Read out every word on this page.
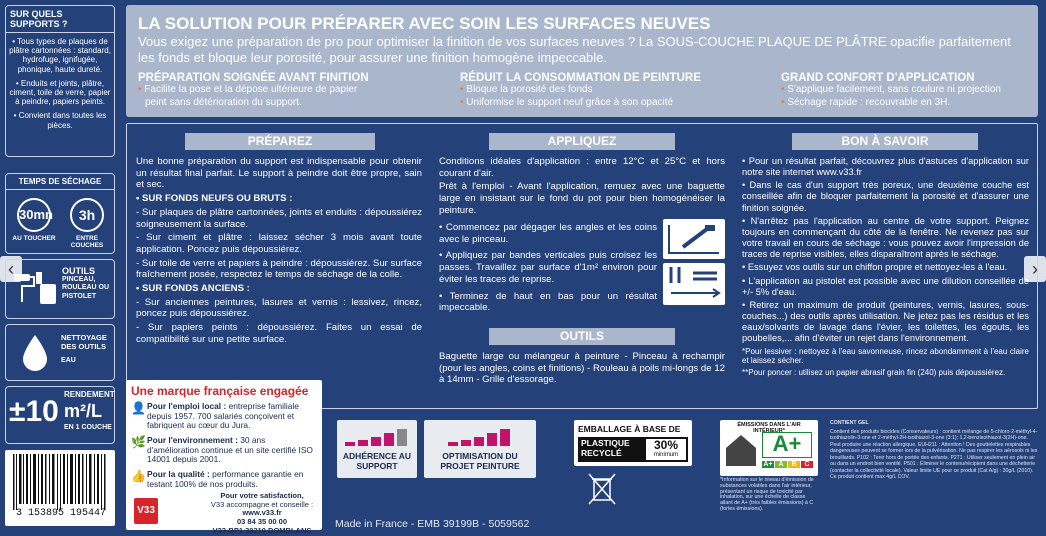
‹	›
SUR QUELS SUPPORTS ?

• Tous types de plaques de plâtre cartonnées : standard, hydrofuge, ignifugée, phonique, haute dureté.

• Enduits et joints, plâtre, ciment, toile de verre, papier à peindre, papiers peints.

• Convient dans toutes les pièces.

TEMPS DE SÉCHAGE
30mn
AU TOUCHER
3h
ENTRE COUCHES
OUTILS
PINCEAU, ROULEAU OU PISTOLET
NETTOYAGE DES OUTILS
EAU
±10
RENDEMENT
m²/L
EN 1 COUCHE
3 153895 195447
LA SOLUTION POUR PRÉPARER AVEC SOIN LES SURFACES NEUVES
Vous exigez une préparation de pro pour optimiser la finition de vos surfaces neuves ? La SOUS-COUCHE PLAQUE DE PLÂTRE opacifie parfaitement les fonds et bloque leur porosité, pour assurer une finition homogène impeccable.
PRÉPARATION SOIGNÉE AVANT FINITION
• Facilite la pose et la dépose ultérieure de papier
peint sans détérioration du support.
RÉDUIT LA CONSOMMATION DE PEINTURE
• Bloque la porosité des fonds
• Uniformise le support neuf grâce à son opacité
GRAND CONFORT D'APPLICATION
• S'applique facilement, sans coulure ni projection
• Séchage rapide : recouvrable en 3H.
PRÉPAREZ

Une bonne préparation du support est indispensable pour obtenir un résultat final parfait. Le support à peindre doit être propre, sain et sec.

• SUR FONDS NEUFS OU BRUTS :

- Sur plaques de plâtre cartonnées, joints et enduits : dépoussiérez soigneusement la surface.

- Sur ciment et plâtre : laissez sécher 3 mois avant toute application. Poncez puis dépoussiérez.

- Sur toile de verre et papiers à peindre : dépoussiérez. Sur surface fraîchement posée, respectez le temps de séchage de la colle.

• SUR FONDS ANCIENS :

- Sur anciennes peintures, lasures et vernis : lessivez, rincez, poncez puis dépoussiérez.

- Sur papiers peints : dépoussiérez. Faites un essai de compatibilité sur une petite surface.

APPLIQUEZ

Conditions idéales d'application : entre 12°C et 25°C et hors courant d'air.

Prêt à l'emploi - Avant l'application, remuez avec une baguette large en insistant sur le fond du pot pour bien homogénéiser la peinture.

• Commencez par dégager les angles et les coins avec le pinceau.

• Appliquez par bandes verticales puis croisez les passes. Travaillez par surface d'1m² environ pour éviter les traces de reprise.

• Terminez de haut en bas pour un résultat impeccable.

OUTILS
Baguette large ou mélangeur à peinture - Pinceau à rechampir (pour les angles, coins et finitions) - Rouleau à poils mi-longs de 12 à 14mm - Grille d'essorage.
BON À SAVOIR

• Pour un résultat parfait, découvrez plus d'astuces d'application sur notre site internet www.v33.fr

• Dans le cas d'un support très poreux, une deuxième couche est conseillée afin de bloquer parfaitement la porosité et d'assurer une finition soignée.

• N'arrêtez pas l'application au centre de votre support. Peignez toujours en commençant du côté de la fenêtre. Ne revenez pas sur votre travail en cours de séchage : vous pouvez avoir l'impression de traces de reprise visibles, elles disparaîtront après le séchage.

• Essuyez vos outils sur un chiffon propre et nettoyez-les à l'eau.

• L'application au pistolet est possible avec une dilution conseillée de +/- 5% d'eau.

• Retirez un maximum de produit (peintures, vernis, lasures, sous-couches...) des outils après utilisation. Ne jetez pas les résidus et les eaux/solvants de lavage dans l'évier, les toilettes, les égouts, les poubelles,... afin d'éviter un rejet dans l'environnement.

*Pour lessiver : nettoyez à l'eau savonneuse, rincez abondamment à l'eau claire et laissez sécher.

**Pour poncer : utilisez un papier abrasif grain fin (240) puis dépoussiérez.

Une marque française engagée
👤 Pour l'emploi local : entreprise familiale depuis 1957. 700 salariés conçoivent et fabriquent au cœur du Jura.
🌿 Pour l'environnement : 30 ans d'amélioration continue et un site certifié ISO 14001 depuis 2001.
👍 Pour la qualité : performance garantie en testant 100% de nos produits.
V33
Pour votre satisfaction,
V33 accompagne et conseille :
www.v33.fr
03 84 35 00 00
V33-BP1 39210 DOMBLANS
ADHÉRENCE AU SUPPORT
OPTIMISATION DU PROJET PEINTURE
EMBALLAGE À BASE DE
PLASTIQUE RECYCLÉ
30%
minimum
ÉMISSIONS DANS L'AIR INTÉRIEUR*
A+
A+ A	B	C
*Information sur le niveau d'émission de substances volatiles dans l'air intérieur, présentant un risque de toxicité par inhalation, sur une échelle de classe allant de A+ (très faibles émissions) à C (fortes émissions).
CONTIENT GEL
Contient des produits biocides (Conservateurs) : contient mélange de 5-chloro-2-méthyl-4-isothiazolin-3-one et 2-méthyl-2H-isothiazol-3-one (3:1); 1,2-benzisothiazol-3(2H)-one. Peut produire une réaction allergique. EUH211 : Attention ! Des gouttelettes respirables dangereuses peuvent se former lors de la pulvérisation. Ne pas respirer les aérosols ni les brouillards. P102 : Tenir hors de portée des enfants. P271 : Utiliser seulement en plein air ou dans un endroit bien ventilé. P501 : Éliminer le contenu/récipient dans une déchetterie (contacter la collectivité locale). Valeur limite UE pour ce produit (Cat A/g) : 30g/L (2010). Ce produit contient max 4g/L COV.
Made in France - EMB 39199B - 5059562
